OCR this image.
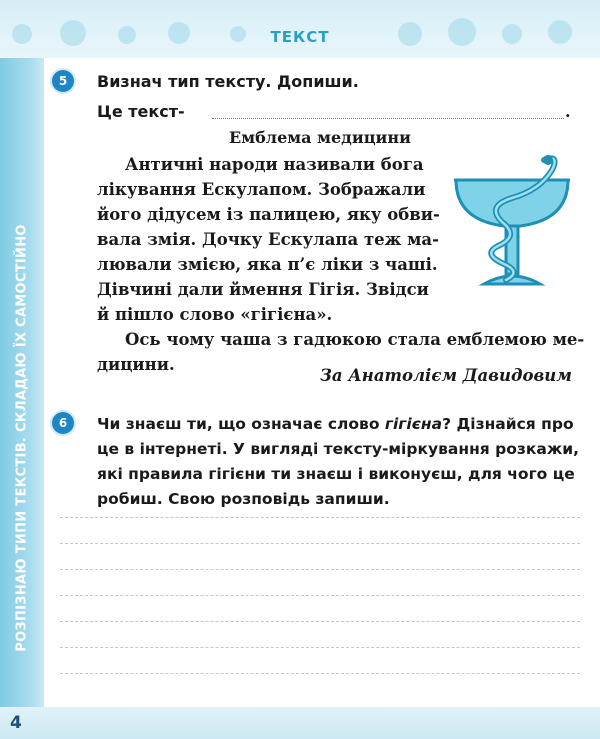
ТЕКСТ
РОЗПІЗНАЮ ТИПИ ТЕКСТІВ. СКЛАДАЮ ЇХ САМОСТІЙНО
5	Визнач тип тексту. Допиши.
Це текст-	.
Емблема медицини
Античні народи називали бога
лікування Ескулапом. Зображали
його дідусем із палицею, яку обви-
вала змія. Дочку Ескулапа теж ма-
лювали змією, яка п’є ліки з чаші.
Дівчині дали ймення Гігія. Звідси
й пішло слово «гігієна».
Ось чому чаша з гадюкою стала емблемою ме-
дицини.
За Анатолієм Давидовим
6	Чи знаєш ти, що означає слово гігієна? Дізнайся про
це в інтернеті. У вигляді тексту-міркування розкажи,
які правила гігієни ти знаєш і виконуєш, для чого це
робиш. Свою розповідь запиши.
4
